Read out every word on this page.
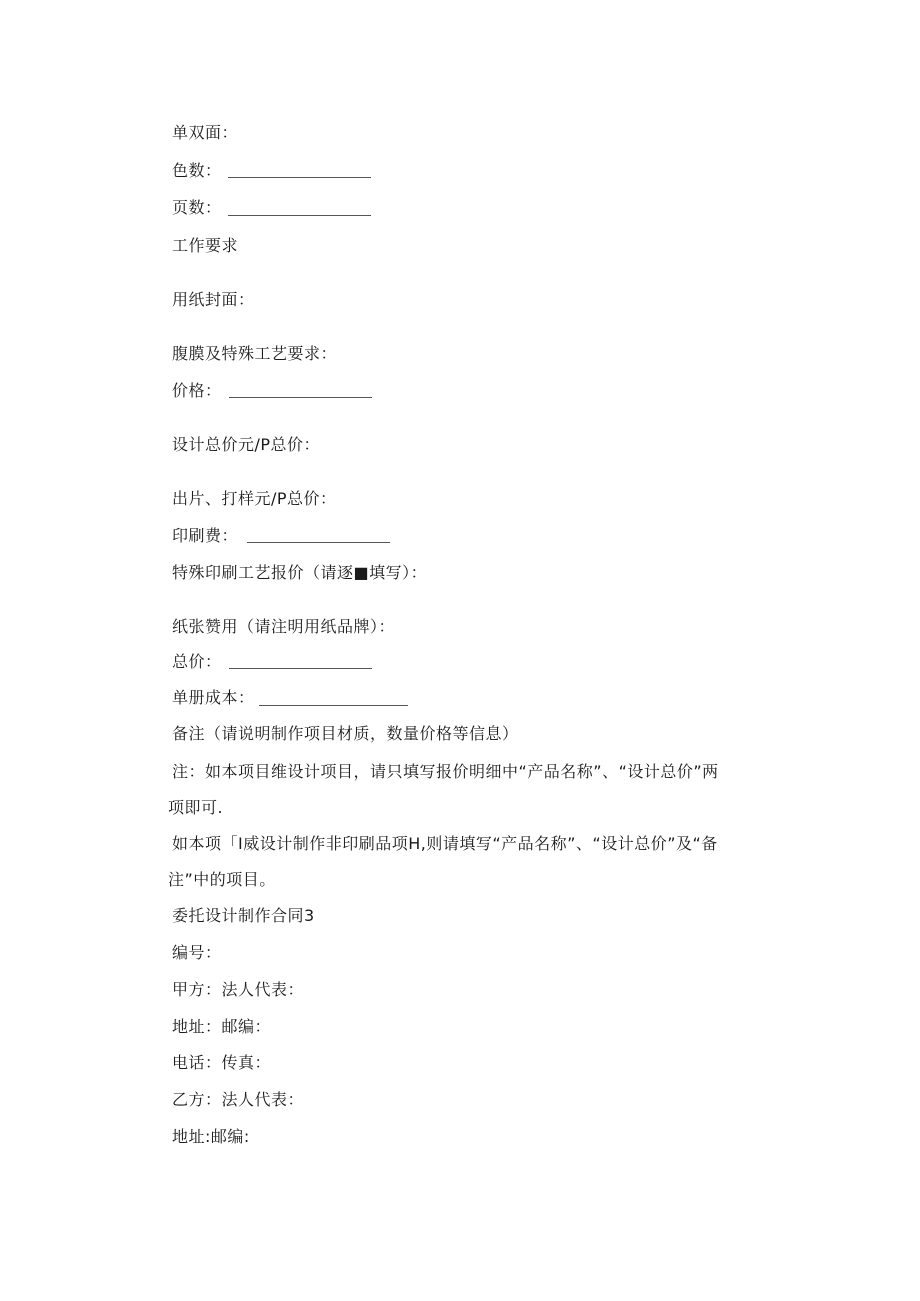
单双面：
色数：
页数：
工作要求
用纸封面：
腹膜及特殊工艺要求：
价格：
设计总价元/P总价：
出片、打样元/P总价：
印刷费：
特殊印刷工艺报价（请逐■填写）：
纸张赞用（请注明用纸品牌）：
总价：
单册成本：
备注（请说明制作项目材质，数量价格等信息）
注：如本项目维设计项目，请只填写报价明细中“产品名称”、“设计总价”两
项即可.
如本项「I威设计制作非印刷品项H,则请填写“产品名称”、“设计总价”及“备
注”中的项目。
委托设计制作合同3
编号：
甲方：法人代表：
地址：邮编：
电话：传真：
乙方：法人代表：
地址:邮编:
